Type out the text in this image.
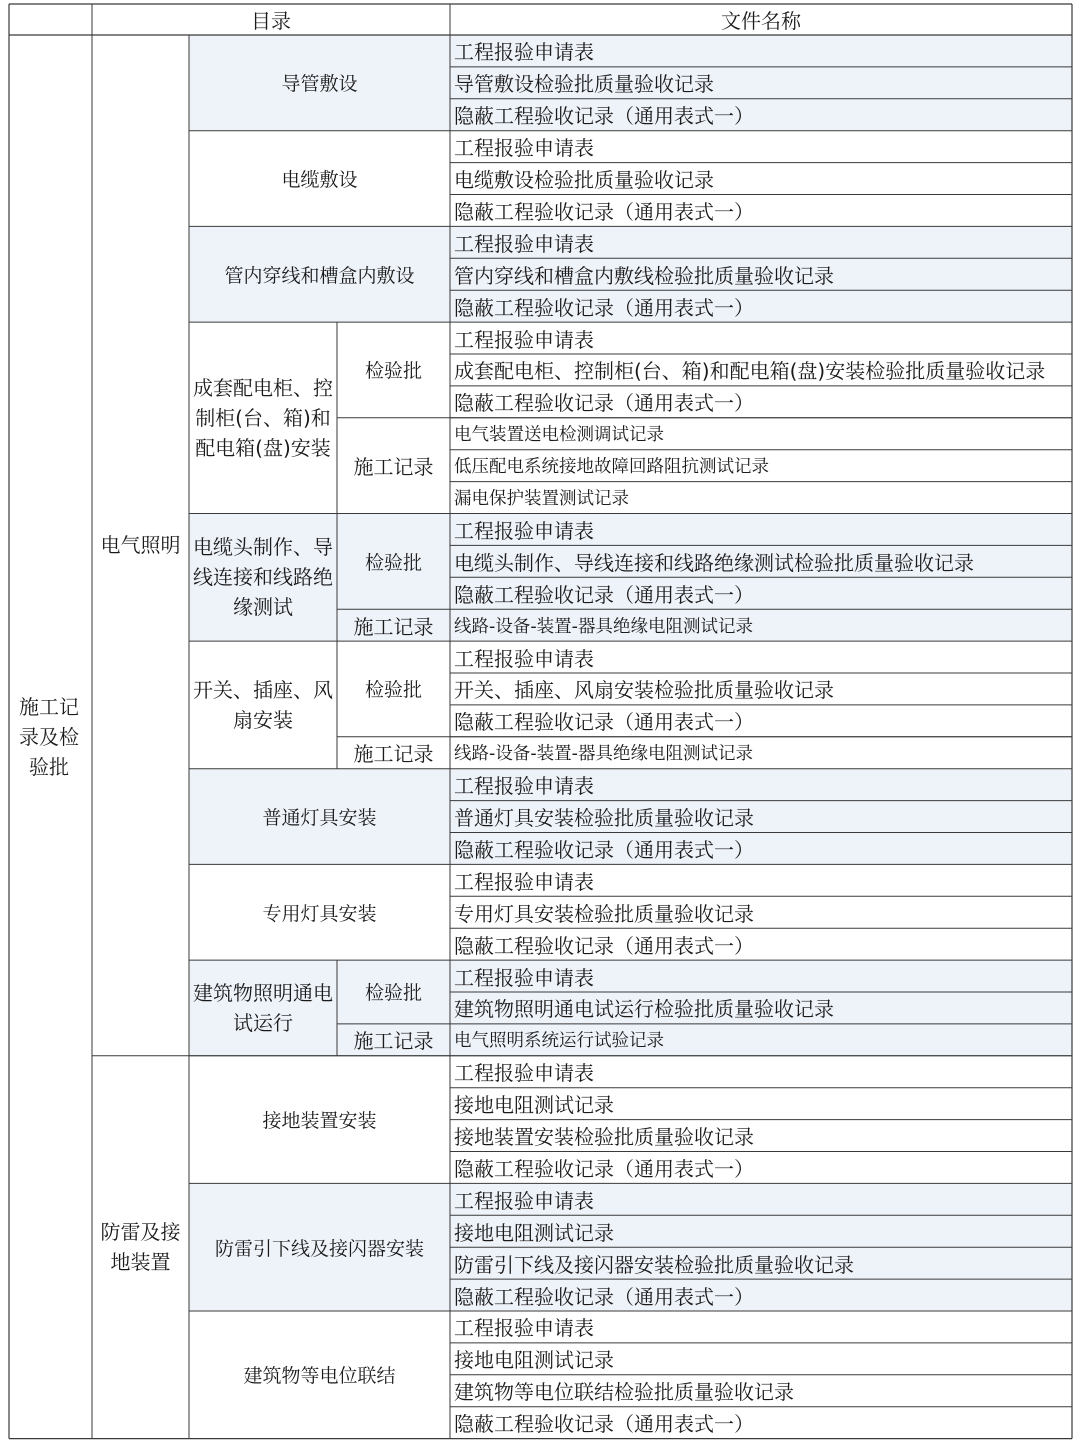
目录	文件名称
施工记录及检验批
导管敷设
工程报验申请表
导管敷设检验批质量验收记录
隐蔽工程验收记录（通用表式一）
电缆敷设
工程报验申请表
电缆敷设检验批质量验收记录
隐蔽工程验收记录（通用表式一）
管内穿线和槽盒内敷设
工程报验申请表
管内穿线和槽盒内敷线检验批质量验收记录
隐蔽工程验收记录（通用表式一）
检验批
施工记录
成套配电柜、控制柜(台、箱)和配电箱(盘)安装
工程报验申请表
成套配电柜、控制柜(台、箱)和配电箱(盘)安装检验批质量验收记录
隐蔽工程验收记录（通用表式一）
电气装置送电检测调试记录
低压配电系统接地故障回路阻抗测试记录
漏电保护装置测试记录
检验批
施工记录
电缆头制作、导线连接和线路绝缘测试
工程报验申请表
电缆头制作、导线连接和线路绝缘测试检验批质量验收记录
隐蔽工程验收记录（通用表式一）
线路-设备-装置-器具绝缘电阻测试记录
检验批
施工记录
开关、插座、风扇安装
工程报验申请表
开关、插座、风扇安装检验批质量验收记录
隐蔽工程验收记录（通用表式一）
线路-设备-装置-器具绝缘电阻测试记录
普通灯具安装
工程报验申请表
普通灯具安装检验批质量验收记录
隐蔽工程验收记录（通用表式一）
专用灯具安装
工程报验申请表
专用灯具安装检验批质量验收记录
隐蔽工程验收记录（通用表式一）
检验批
施工记录
建筑物照明通电试运行
工程报验申请表
建筑物照明通电试运行检验批质量验收记录
电气照明系统运行试验记录
电气照明
接地装置安装
工程报验申请表
接地电阻测试记录
接地装置安装检验批质量验收记录
隐蔽工程验收记录（通用表式一）
防雷引下线及接闪器安装
工程报验申请表
接地电阻测试记录
防雷引下线及接闪器安装检验批质量验收记录
隐蔽工程验收记录（通用表式一）
建筑物等电位联结
工程报验申请表
接地电阻测试记录
建筑物等电位联结检验批质量验收记录
隐蔽工程验收记录（通用表式一）
防雷及接地装置
